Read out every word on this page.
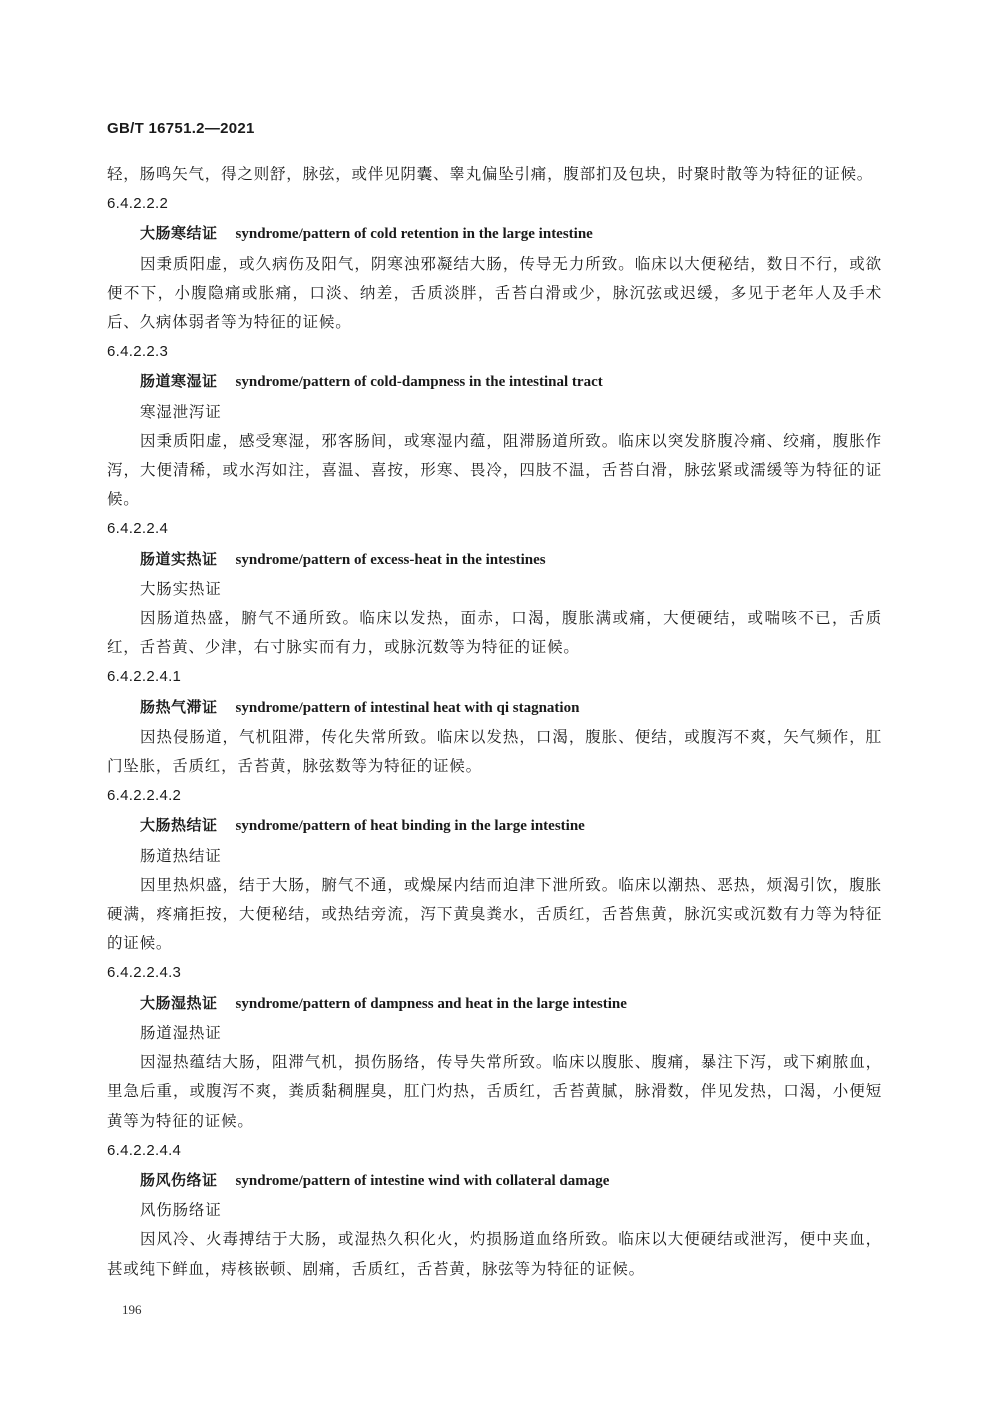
GB/T 16751.2—2021

轻，肠鸣矢气，得之则舒，脉弦，或伴见阴囊、睾丸偏坠引痛，腹部扪及包块，时聚时散等为特征的证候。

6.4.2.2.2

大肠寒结证 syndrome/pattern of cold retention in the large intestine

因秉质阳虚，或久病伤及阳气，阴寒浊邪凝结大肠，传导无力所致。临床以大便秘结，数日不行，或欲便不下，小腹隐痛或胀痛，口淡、纳差，舌质淡胖，舌苔白滑或少，脉沉弦或迟缓，多见于老年人及手术后、久病体弱者等为特征的证候。

6.4.2.2.3

肠道寒湿证 syndrome/pattern of cold-dampness in the intestinal tract

寒湿泄泻证

因秉质阳虚，感受寒湿，邪客肠间，或寒湿内蕴，阻滞肠道所致。临床以突发脐腹冷痛、绞痛，腹胀作泻，大便清稀，或水泻如注，喜温、喜按，形寒、畏冷，四肢不温，舌苔白滑，脉弦紧或濡缓等为特征的证候。

6.4.2.2.4

肠道实热证 syndrome/pattern of excess-heat in the intestines

大肠实热证

因肠道热盛，腑气不通所致。临床以发热，面赤，口渴，腹胀满或痛，大便硬结，或喘咳不已，舌质红，舌苔黄、少津，右寸脉实而有力，或脉沉数等为特征的证候。

6.4.2.2.4.1

肠热气滞证 syndrome/pattern of intestinal heat with qi stagnation

因热侵肠道，气机阻滞，传化失常所致。临床以发热，口渴，腹胀、便结，或腹泻不爽，矢气频作，肛门坠胀，舌质红，舌苔黄，脉弦数等为特征的证候。

6.4.2.2.4.2

大肠热结证 syndrome/pattern of heat binding in the large intestine

肠道热结证

因里热炽盛，结于大肠，腑气不通，或燥屎内结而迫津下泄所致。临床以潮热、恶热，烦渴引饮，腹胀硬满，疼痛拒按，大便秘结，或热结旁流，泻下黄臭粪水，舌质红，舌苔焦黄，脉沉实或沉数有力等为特征的证候。

6.4.2.2.4.3

大肠湿热证 syndrome/pattern of dampness and heat in the large intestine

肠道湿热证

因湿热蕴结大肠，阻滞气机，损伤肠络，传导失常所致。临床以腹胀、腹痛，暴注下泻，或下痢脓血，里急后重，或腹泻不爽，粪质黏稠腥臭，肛门灼热，舌质红，舌苔黄腻，脉滑数，伴见发热，口渴，小便短黄等为特征的证候。

6.4.2.2.4.4

肠风伤络证 syndrome/pattern of intestine wind with collateral damage

风伤肠络证

因风冷、火毒搏结于大肠，或湿热久积化火，灼损肠道血络所致。临床以大便硬结或泄泻，便中夹血，甚或纯下鲜血，痔核嵌顿、剧痛，舌质红，舌苔黄，脉弦等为特征的证候。

196
